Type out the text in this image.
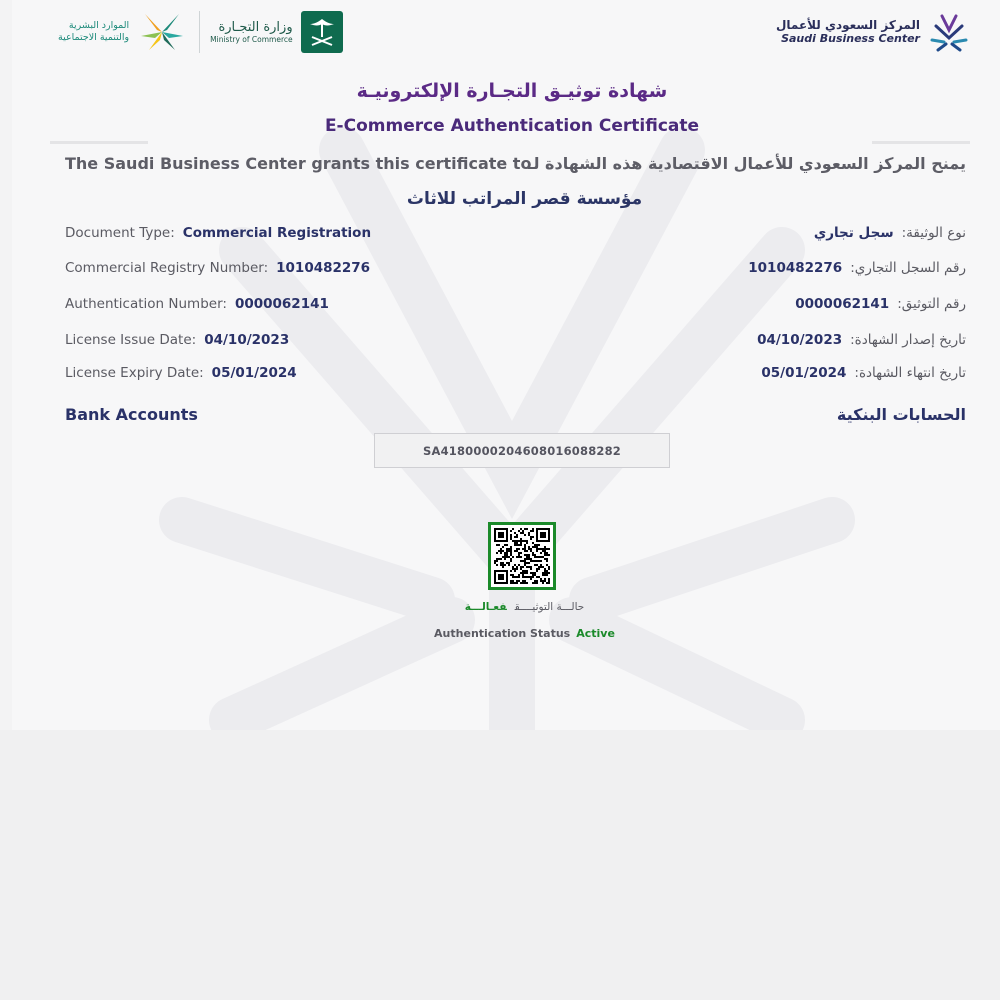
الموارد البشرية
والتنمية الاجتماعية
وزارة التجـارة
Ministry of Commerce
المركز السعودي للأعمال
Saudi Business Center
شهادة توثيـق التجـارة الإلكترونيـة
E-Commerce Authentication Certificate
The Saudi Business Center grants this certificate to
يمنح المركز السعودي للأعمال الاقتصادية هذه الشهادة لـ
مؤسسة قصر المراتب للاثاث
Document Type: Commercial Registration
Commercial Registry Number: 1010482276
Authentication Number: 0000062141
License Issue Date: 04/10/2023
License Expiry Date: 05/01/2024
نوع الوثيقة:سجل تجاري
رقم السجل التجاري:1010482276
رقم التوثيق:0000062141
تاريخ إصدار الشهادة:04/10/2023
تاريخ انتهاء الشهادة:05/01/2024
Bank Accounts	الحسابات البنكية
SA4180000204608016088282
حالـــة التوثيــــقفعـالـــة
Authentication Status Active
